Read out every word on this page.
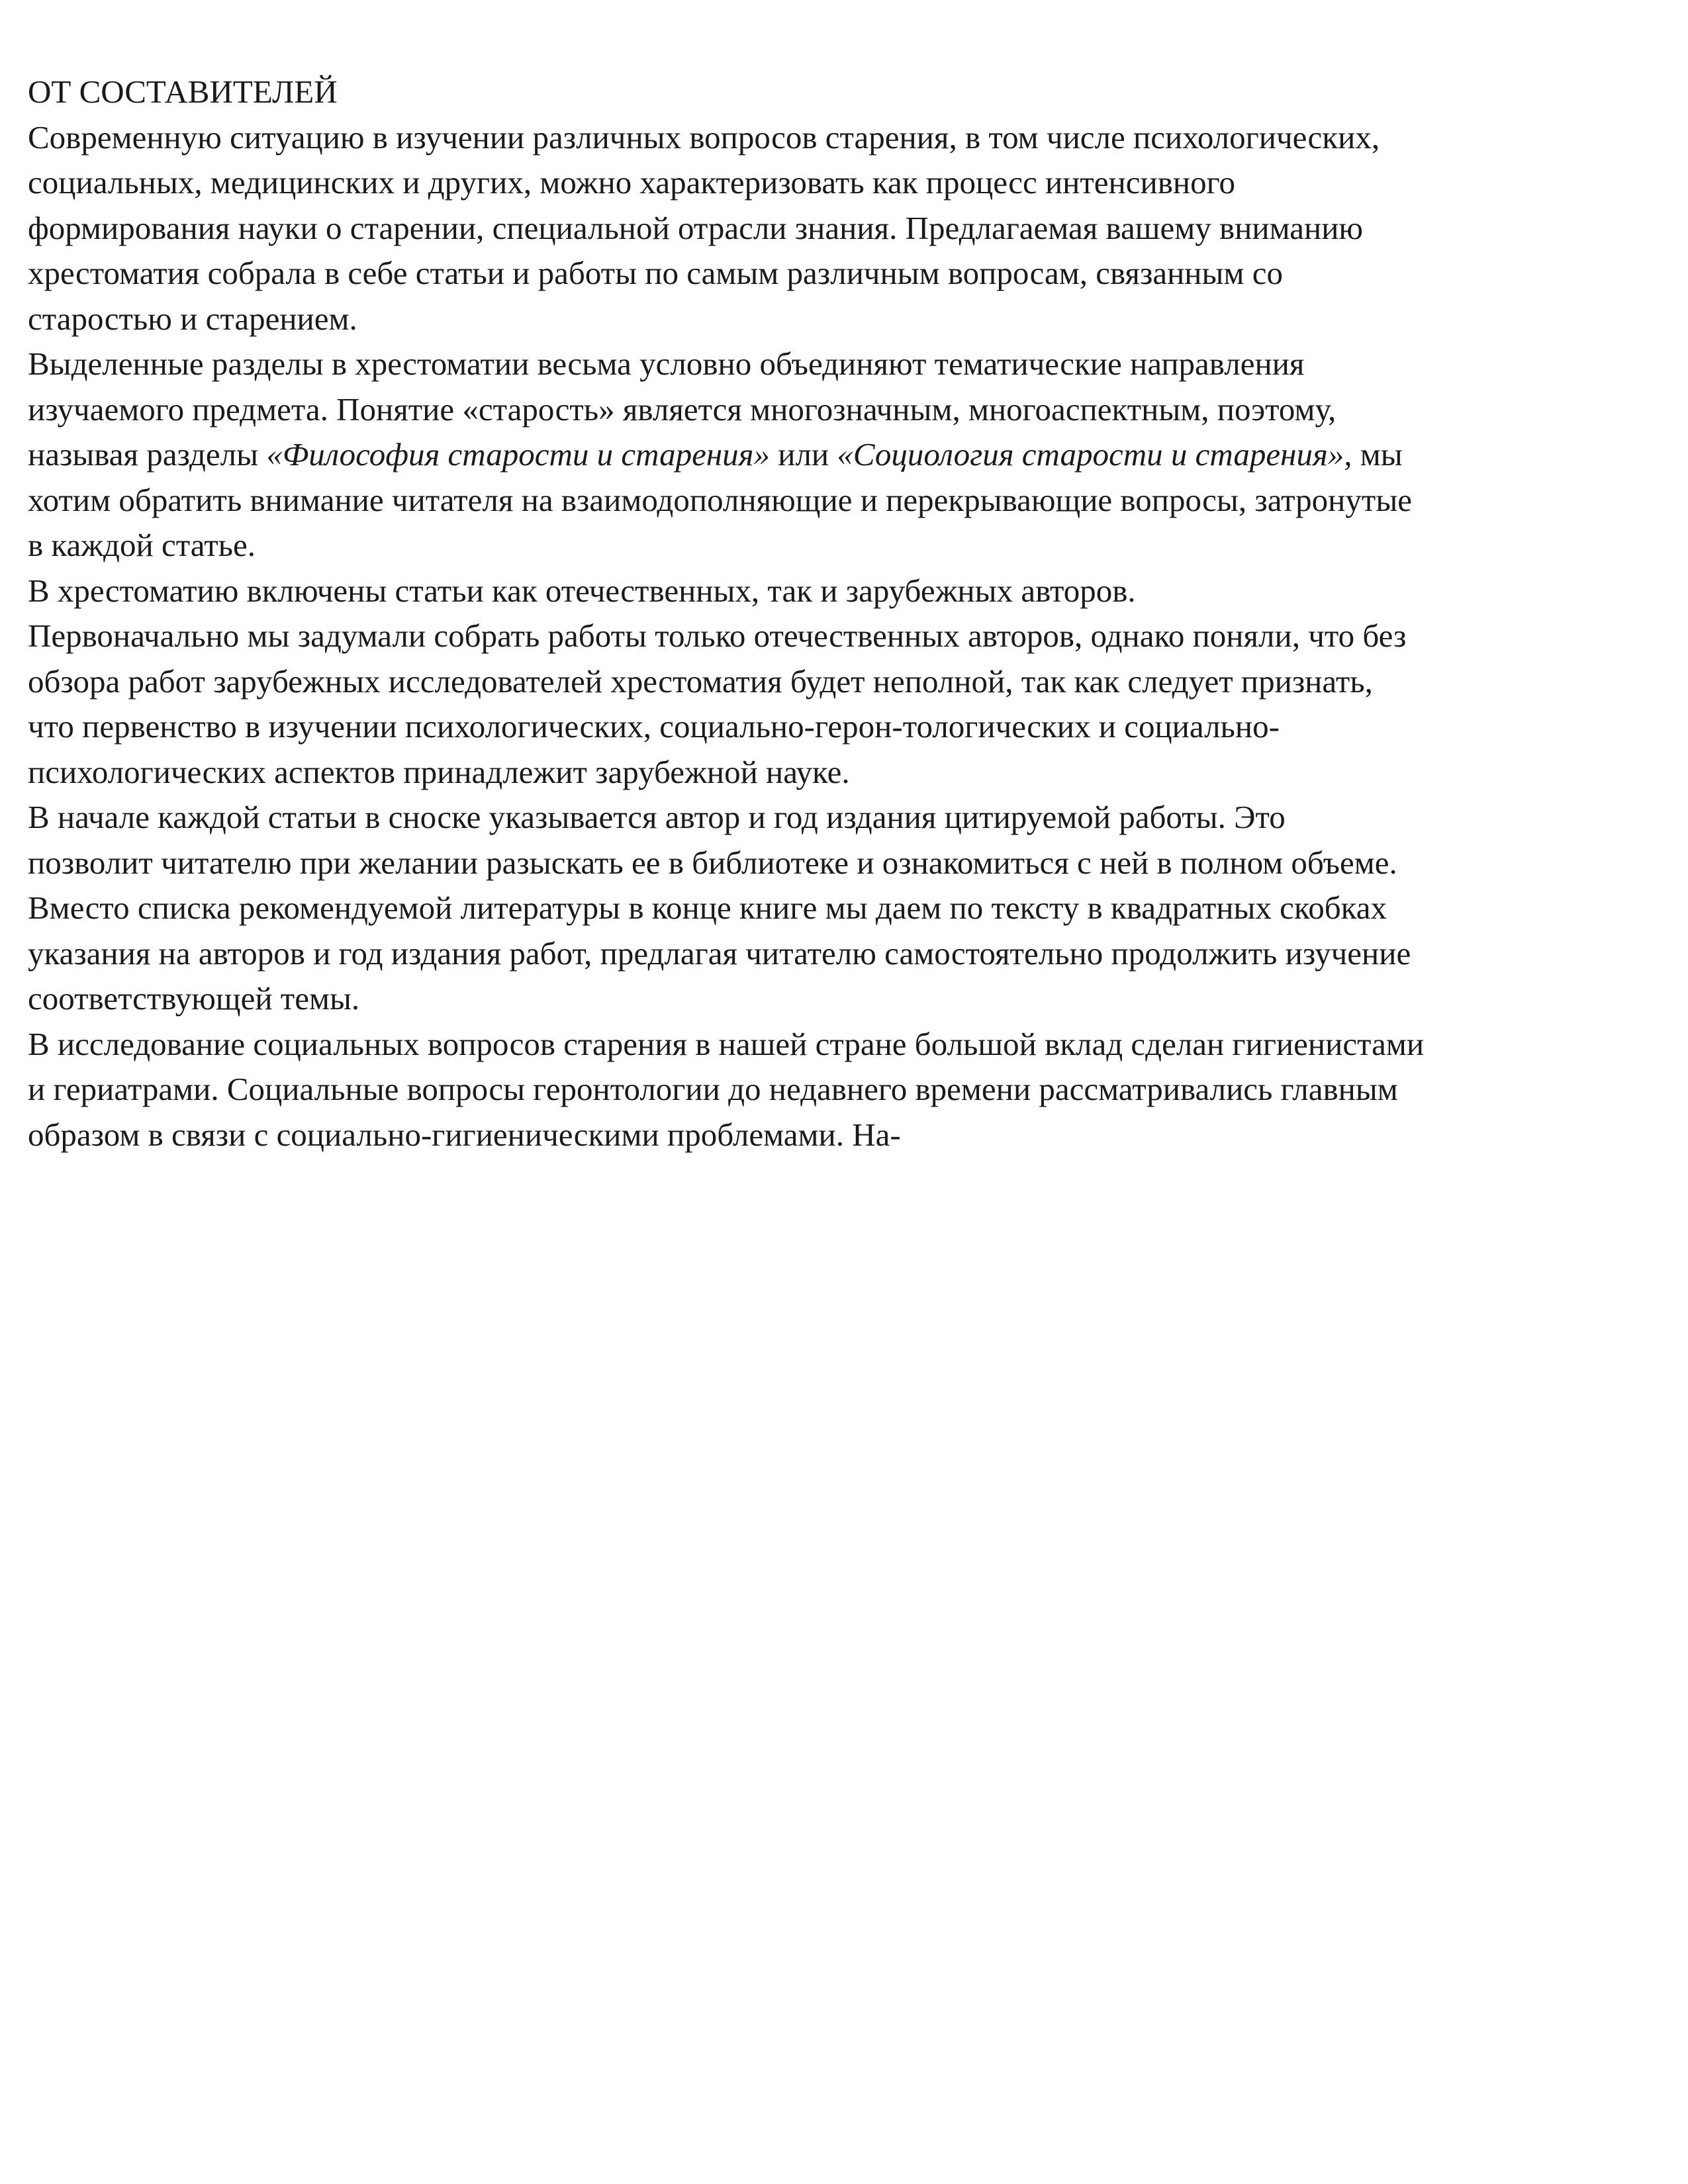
ОТ СОСТАВИТЕЛЕЙ

Современную ситуацию в изучении различных вопросов старения, в том числе психологических,
социальных, медицинских и других, можно характеризовать как процесс интенсивного
формирования науки о старении, специальной отрасли знания. Предлагаемая вашему вниманию
хрестоматия собрала в себе статьи и работы по самым различным вопросам, связанным со
старостью и старением.

Выделенные разделы в хрестоматии весьма условно объединяют тематические направления
изучаемого предмета. Понятие «старость» является многозначным, многоаспектным, поэтому,
называя разделы «Философия старости и старения» или «Социология старости и старения», мы
хотим обратить внимание читателя на взаимодополняющие и перекрывающие вопросы, затронутые
в каждой статье.

В хрестоматию включены статьи как отечественных, так и зарубежных авторов.

Первоначально мы задумали собрать работы только отечественных авторов, однако поняли, что без
обзора работ зарубежных исследователей хрестоматия будет неполной, так как следует признать,
что первенство в изучении психологических, социально-герон-тологических и социально-
психологических аспектов принадлежит зарубежной науке.

В начале каждой статьи в сноске указывается автор и год издания цитируемой работы. Это
позволит читателю при желании разыскать ее в библиотеке и ознакомиться с ней в полном объеме.

Вместо списка рекомендуемой литературы в конце книге мы даем по тексту в квадратных скобках
указания на авторов и год издания работ, предлагая читателю самостоятельно продолжить изучение
соответствующей темы.

В исследование социальных вопросов старения в нашей стране большой вклад сделан гигиенистами
и гериатрами. Социальные вопросы геронтологии до недавнего времени рассматривались главным
образом в связи с социально-гигиеническими проблемами. На-
